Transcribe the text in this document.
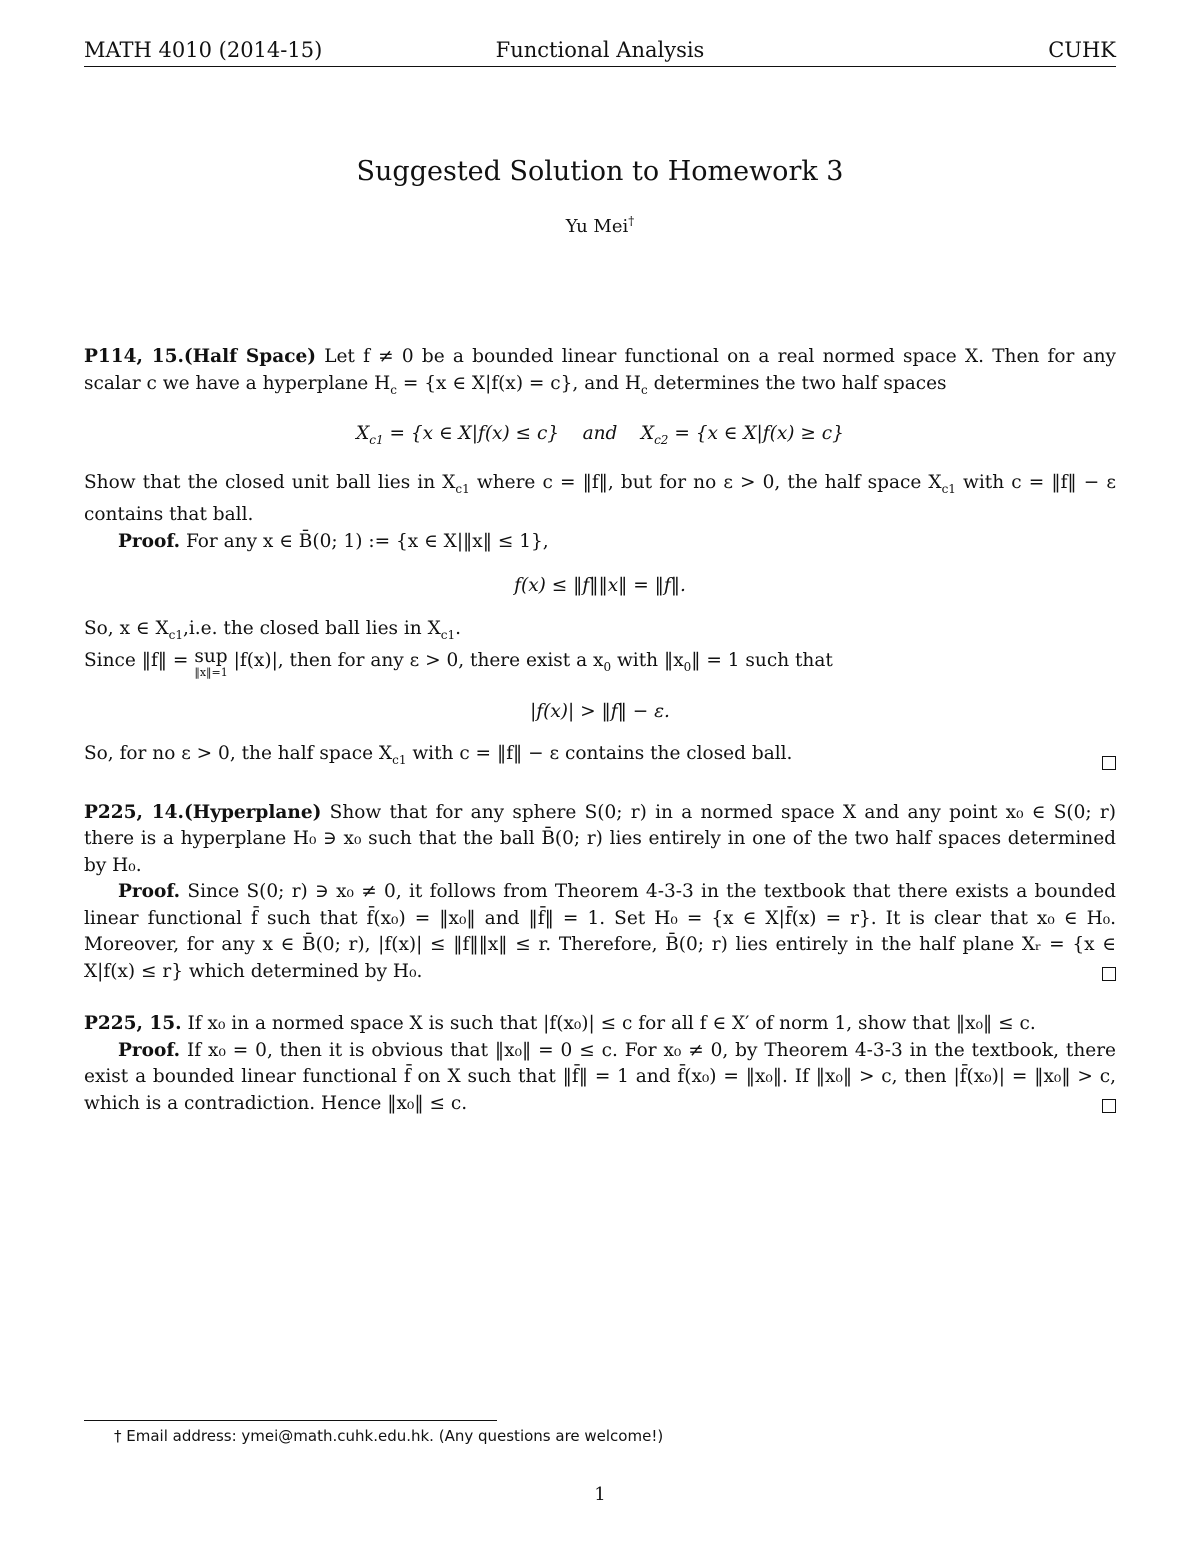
MATH 4010 (2014-15)	Functional Analysis	CUHK
Suggested Solution to Homework 3
Yu Mei†

P114, 15.(Half Space) Let f ≠ 0 be a bounded linear functional on a real normed space X. Then for any scalar c we have a hyperplane $H_c = \{x$ ∈ X|f(x) = c}, and $H_c$ determines the two half spaces

$X_{c1} = \{x$ ∈ X|f(x) ≤ c}    and    $X_{c2} = \{x$ ∈ X|f(x) ≥ c}

Show that the closed unit ball lies in $X_{c1}$ where c = ‖f‖, but for no ε > 0, the half space $X_{c1}$ with c = ‖f‖ − ε contains that ball.

Proof. For any x ∈ B̄(0; 1) := {x ∈ X|‖x‖ ≤ 1},

f(x) ≤ ‖f‖‖x‖ = ‖f‖.

So, x ∈ $X_{c1},i.e$. the closed ball lies in $X_{c1}$.

Since ‖f‖ = sup
‖x‖=1
|f(x)|, then for any ε > 0, there exist a $x_0$ with $‖x_0‖ = 1$ such that

|f(x)| > ‖f‖ − ε.

So, for no ε > 0, the half space $X_{c1}$ with c = ‖f‖ − ε contains the closed ball.

P225, 14.(Hyperplane) Show that for any sphere S(0; r) in a normed space X and any point x₀ ∈ S(0; r) there is a hyperplane H₀ ∋ x₀ such that the ball B̄(0; r) lies entirely in one of the two half spaces determined by H₀.

Proof. Since S(0; r) ∋ x₀ ≠ 0, it follows from Theorem 4-3-3 in the textbook that there exists a bounded linear functional f̄ such that f̄(x₀) = ‖x₀‖ and ‖f̄‖ = 1. Set H₀ = {x ∈ X|f̄(x) = r}. It is clear that x₀ ∈ H₀. Moreover, for any x ∈ B̄(0; r), |f(x)| ≤ ‖f‖‖x‖ ≤ r. Therefore, B̄(0; r) lies entirely in the half plane Xᵣ = {x ∈ X|f(x) ≤ r} which determined by H₀.

P225, 15. If x₀ in a normed space X is such that |f(x₀)| ≤ c for all f ∈ X′ of norm 1, show that ‖x₀‖ ≤ c.

Proof. If x₀ = 0, then it is obvious that ‖x₀‖ = 0 ≤ c. For x₀ ≠ 0, by Theorem 4-3-3 in the textbook, there exist a bounded linear functional f̄ on X such that ‖f̄‖ = 1 and f̄(x₀) = ‖x₀‖. If ‖x₀‖ > c, then |f̄(x₀)| = ‖x₀‖ > c, which is a contradiction. Hence ‖x₀‖ ≤ c.

† Email address: ymei@math.cuhk.edu.hk. (Any questions are welcome!)
1
